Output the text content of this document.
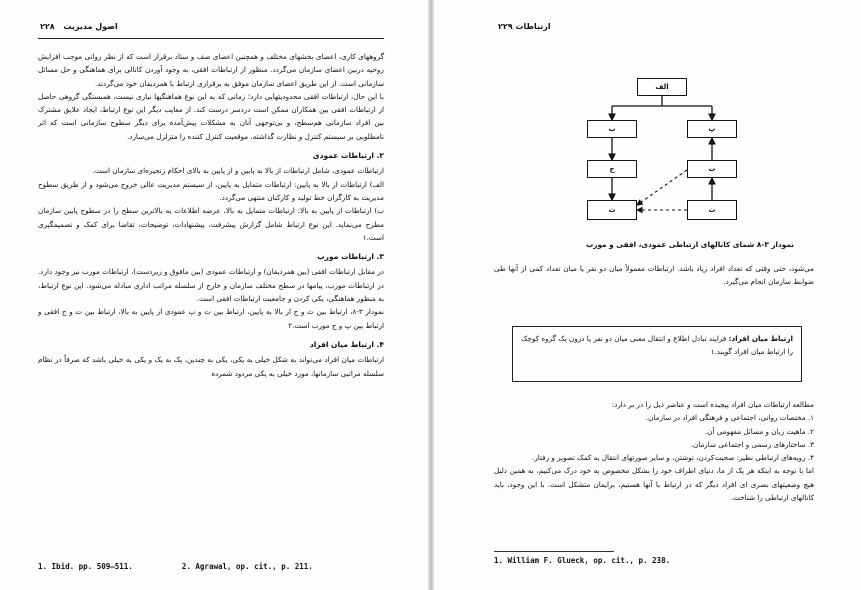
۲۲۸ اصول مدیریت

گروههای کاری، اعضای بخشهای مختلف و همچنین اعضای صف و ستاد برقرار است که از نظر روانی موجب افزایش روحیه دربین اعضای سازمان می‌گردد. منظور از ارتباطات افقی، به وجود آوردن کانالی برای هماهنگی و حل مسائل سازمانی است. از این طریق اعضای سازمان موفق به برقراری ارتباط با همردیفان خود می‌گردند.

با این حال، ارتباطات افقی محدودیتهایی دارد؛ زمانی که به این نوع هماهنگیها نیازی نیست، همبستگی گروهی حاصل از ارتباطات افقی بین همکاران ممکن است دردسر درست کند. از معایب دیگر این نوع ارتباط، ایجاد علایق مشترک بین افراد سازمانی هم‌سطح، و بی‌توجهی آنان به مشکلات پیش‌آمده برای دیگر سطوح سازمانی است که اثر نامطلوبی بر سیستم کنترل و نظارت گذاشته، موقعیت کنترل کننده را متزلزل می‌سازد.

۲. ارتباطات عمودی

ارتباطات عمودی، شامل ارتباطات از بالا به پایین و از پایین به بالای احکام زنجیره‌ای سازمان است.

الف) ارتباطات از بالا به پایین: ارتباطات متمایل به پایین، از سیستم مدیریت عالی خروج می‌شود و از طریق سطوح مدیریت به کارگران خط تولید و کارکنان منتهی می‌گردد.

ب) ارتباطات از پایین به بالا: ارتباطات متمایل به بالا، عرضه اطلاعات به بالاترین سطح را در سطوح پایین سازمان مطرح می‌نماید. این نوع ارتباط شامل گزارش پیشرفت، پیشنهادات، توضیحات، تقاضا برای کمک و تصمیمگیری است.۱

۳. ارتباطات مورب

در مقابل ارتباطات افقی (بین همردیفان) و ارتباطات عمودی (بین مافوق و زیردست)، ارتباطات مورب نیز وجود دارد. در ارتباطات مورب، پیامها در سطح مختلف سازمان و خارج از سلسله مراتب اداری مبادله می‌شود. این نوع ارتباط، به منظور هماهنگی، یکی کردن و جامعیت ارتباطات افقی است.

نمودار ۳-۸، ارتباط بین ث و ج از بالا به پایین، ارتباط بین ت و پ عمودی از پایین به بالا، ارتباط بین ت و ج افقی و ارتباط بین پ و ج مورب است.۲

۴. ارتباط میان افراد

ارتباطات میان افراد می‌تواند به شکل خیلی به یکی، یکی به چندین، یک به یک و یکی به خیلی باشد که صرفاً در نظام سلسله مراتبی سازمانها، مورد خیلی به یکی مردود شمرده

1. Ibid. pp. 509—511.	2. Agrawal, op. cit., p. 211.
ارتباطات ۲۲۹
الف
ب
ج
ث
پ
ت
ث
نمودار ۳-۸ شمای کانالهای ارتباطی عمودی، افقی و مورب
می‌شود، حتی وقتی که تعداد افراد زیاد باشد. ارتباطات معمولاً میان دو نفر یا میان تعداد کمی از آنها طی ضوابط سازمان انجام می‌گیرد.
ارتباط میان افراد: فرایند تبادل اطلاع و انتقال معنی میان دو نفر یا درون یک گروه کوچک را ارتباط میان افراد گویند.۱

مطالعه ارتباطات میان افراد پیچیده است و عناصر ذیل را در بر دارد:

۱. مختصات روانی، اجتماعی و فرهنگی افراد در سازمان.

۲. ماهیت زبان و مسائل مفهومی آن.

۳. ساختارهای رسمی و اجتماعی سازمان.

۴. رویه‌های ارتباطی نظیر: صحبت‌کردن، نوشتن، و سایر صورتهای انتقال به کمک تصویر و رفتار.

اما با توجه به اینکه هر یک از ما، دنیای اطراف خود را بشکل مخصوص به خود درک می‌کنیم، به همین دلیل هیچ وضعیتهای بصری ای افراد دیگر که در ارتباط با آنها هستیم، برایمان متشکل است. با این وجود، باید کانالهای ارتباطی را شناخت.

1. William F. Glueck, op. cit., p. 238.
